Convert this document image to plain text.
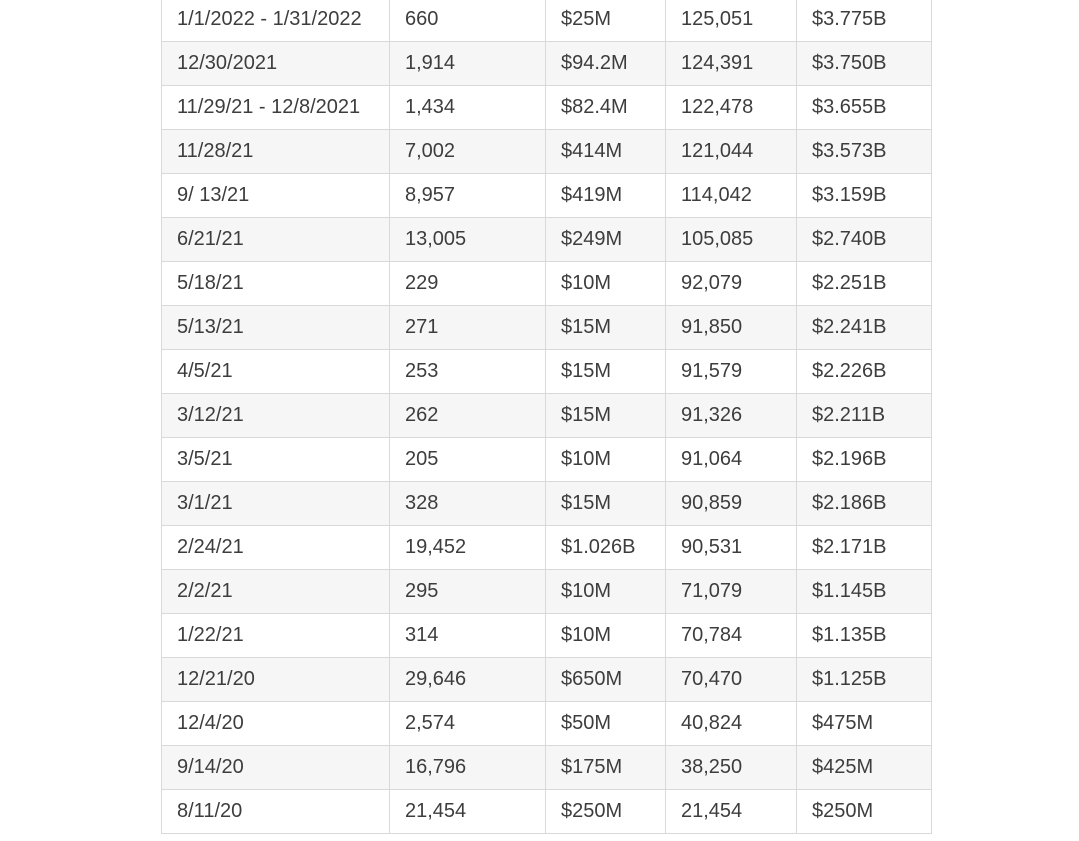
1/1/2022 - 1/31/2022	660	$25M	125,051	$3.775B
12/30/2021	1,914	$94.2M	124,391	$3.750B
11/29/21 - 12/8/2021	1,434	$82.4M	122,478	$3.655B
11/28/21	7,002	$414M	121,044	$3.573B
9/ 13/21	8,957	$419M	114,042	$3.159B
6/21/21	13,005	$249M	105,085	$2.740B
5/18/21	229	$10M	92,079	$2.251B
5/13/21	271	$15M	91,850	$2.241B
4/5/21	253	$15M	91,579	$2.226B
3/12/21	262	$15M	91,326	$2.211B
3/5/21	205	$10M	91,064	$2.196B
3/1/21	328	$15M	90,859	$2.186B
2/24/21	19,452	$1.026B	90,531	$2.171B
2/2/21	295	$10M	71,079	$1.145B
1/22/21	314	$10M	70,784	$1.135B
12/21/20	29,646	$650M	70,470	$1.125B
12/4/20	2,574	$50M	40,824	$475M
9/14/20	16,796	$175M	38,250	$425M
8/11/20	21,454	$250M	21,454	$250M
